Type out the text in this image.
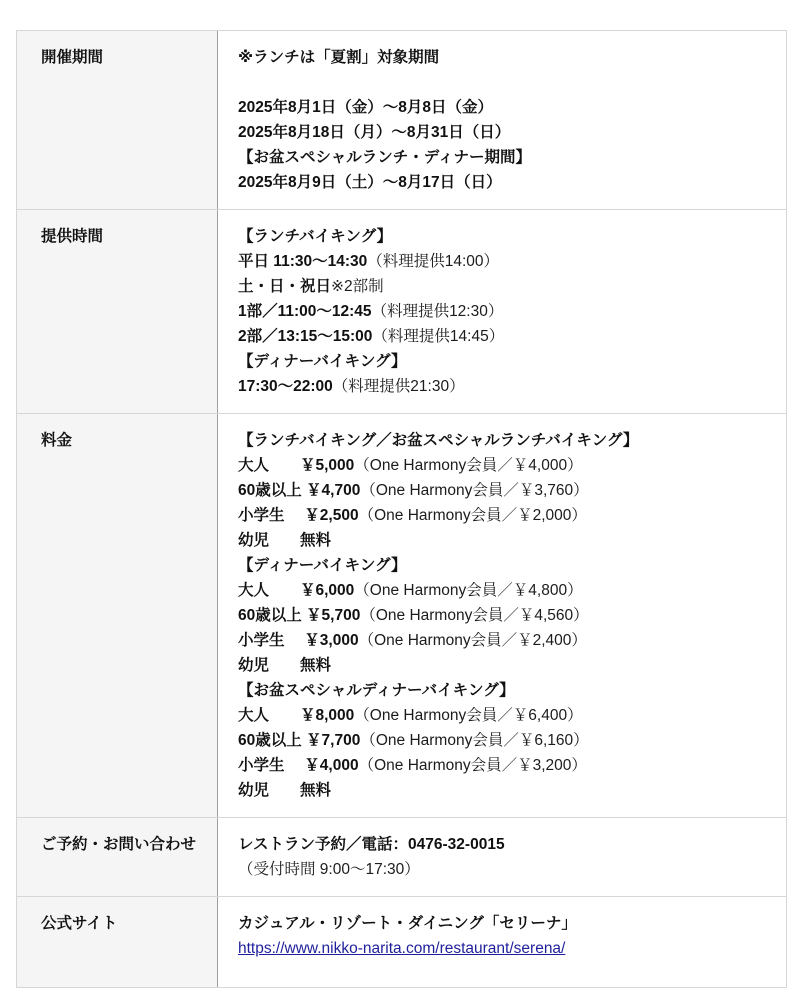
開催期間	※ランチは「夏割」対象期間
2025年8月1日（金）～8月8日（金）
2025年8月18日（月）～8月31日（日）
【お盆スペシャルランチ・ディナー期間】
2025年8月9日（土）～8月17日（日）
提供時間	【ランチバイキング】
平日 11:30～14:30（料理提供14:00）
土・日・祝日※2部制
1部／11:00～12:45（料理提供12:30）
2部／13:15～15:00（料理提供14:45）
【ディナーバイキング】
17:30～22:00（料理提供21:30）
料金	【ランチバイキング／お盆スペシャルランチバイキング】
大人　　￥5,000（One Harmony会員／￥4,000）
60歳以上 ￥4,700（One Harmony会員／￥3,760）
小学生　 ￥2,500（One Harmony会員／￥2,000）
幼児　　無料
【ディナーバイキング】
大人　　￥6,000（One Harmony会員／￥4,800）
60歳以上 ￥5,700（One Harmony会員／￥4,560）
小学生　 ￥3,000（One Harmony会員／￥2,400）
幼児　　無料
【お盆スペシャルディナーバイキング】
大人　　￥8,000（One Harmony会員／￥6,400）
60歳以上 ￥7,700（One Harmony会員／￥6,160）
小学生　 ￥4,000（One Harmony会員／￥3,200）
幼児　　無料
ご予約・お問い合わせ	レストラン予約／電話：0476-32-0015
（受付時間 9:00～17:30）
公式サイト	カジュアル・リゾート・ダイニング「セリーナ」
https://www.nikko-narita.com/restaurant/serena/
